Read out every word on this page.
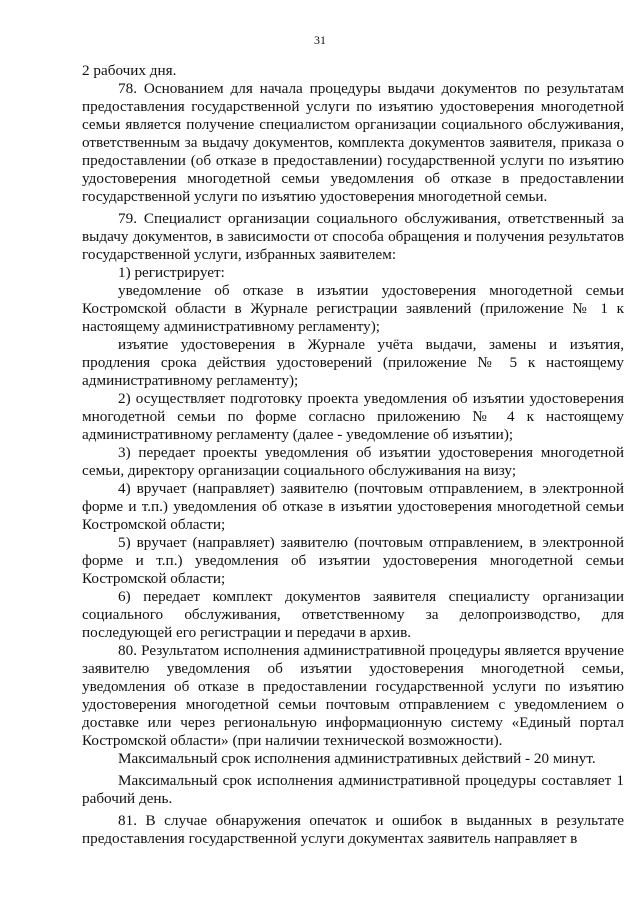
31

2 рабочих дня.

78. Основанием для начала процедуры выдачи документов по результатам предоставления государственной услуги по изъятию удостоверения многодетной семьи является получение специалистом организации социального обслуживания, ответственным за выдачу документов, комплекта документов заявителя, приказа о предоставлении (об отказе в предоставлении) государственной услуги по изъятию удостоверения многодетной семьи уведомления об отказе в предоставлении государственной услуги по изъятию удостоверения многодетной семьи.

79. Специалист организации социального обслуживания, ответственный за выдачу документов, в зависимости от способа обращения и получения результатов государственной услуги, избранных заявителем:

1) регистрирует:

уведомление об отказе в изъятии удостоверения многодетной семьи Костромской области в Журнале регистрации заявлений (приложение № 1 к настоящему административному регламенту);

изъятие удостоверения в Журнале учёта выдачи, замены и изъятия, продления срока действия удостоверений (приложение № 5 к настоящему административному регламенту);

2) осуществляет подготовку проекта уведомления об изъятии удостоверения многодетной семьи по форме согласно приложению № 4 к настоящему административному регламенту (далее - уведомление об изъятии);

3) передает проекты уведомления об изъятии удостоверения многодетной семьи, директору организации социального обслуживания на визу;

4) вручает (направляет) заявителю (почтовым отправлением, в электронной форме и т.п.) уведомления об отказе в изъятии удостоверения многодетной семьи Костромской области;

5) вручает (направляет) заявителю (почтовым отправлением, в электронной форме и т.п.) уведомления об изъятии удостоверения многодетной семьи Костромской области;

6) передает комплект документов заявителя специалисту организации социального обслуживания, ответственному за делопроизводство, для последующей его регистрации и передачи в архив.

80. Результатом исполнения административной процедуры является вручение заявителю уведомления об изъятии удостоверения многодетной семьи, уведомления об отказе в предоставлении государственной услуги по изъятию удостоверения многодетной семьи почтовым отправлением с уведомлением о доставке или через региональную информационную систему «Единый портал Костромской области» (при наличии технической возможности).

Максимальный срок исполнения административных действий - 20 минут.

Максимальный срок исполнения административной процедуры составляет 1 рабочий день.

81. В случае обнаружения опечаток и ошибок в выданных в результате предоставления государственной услуги документах заявитель направляет в
